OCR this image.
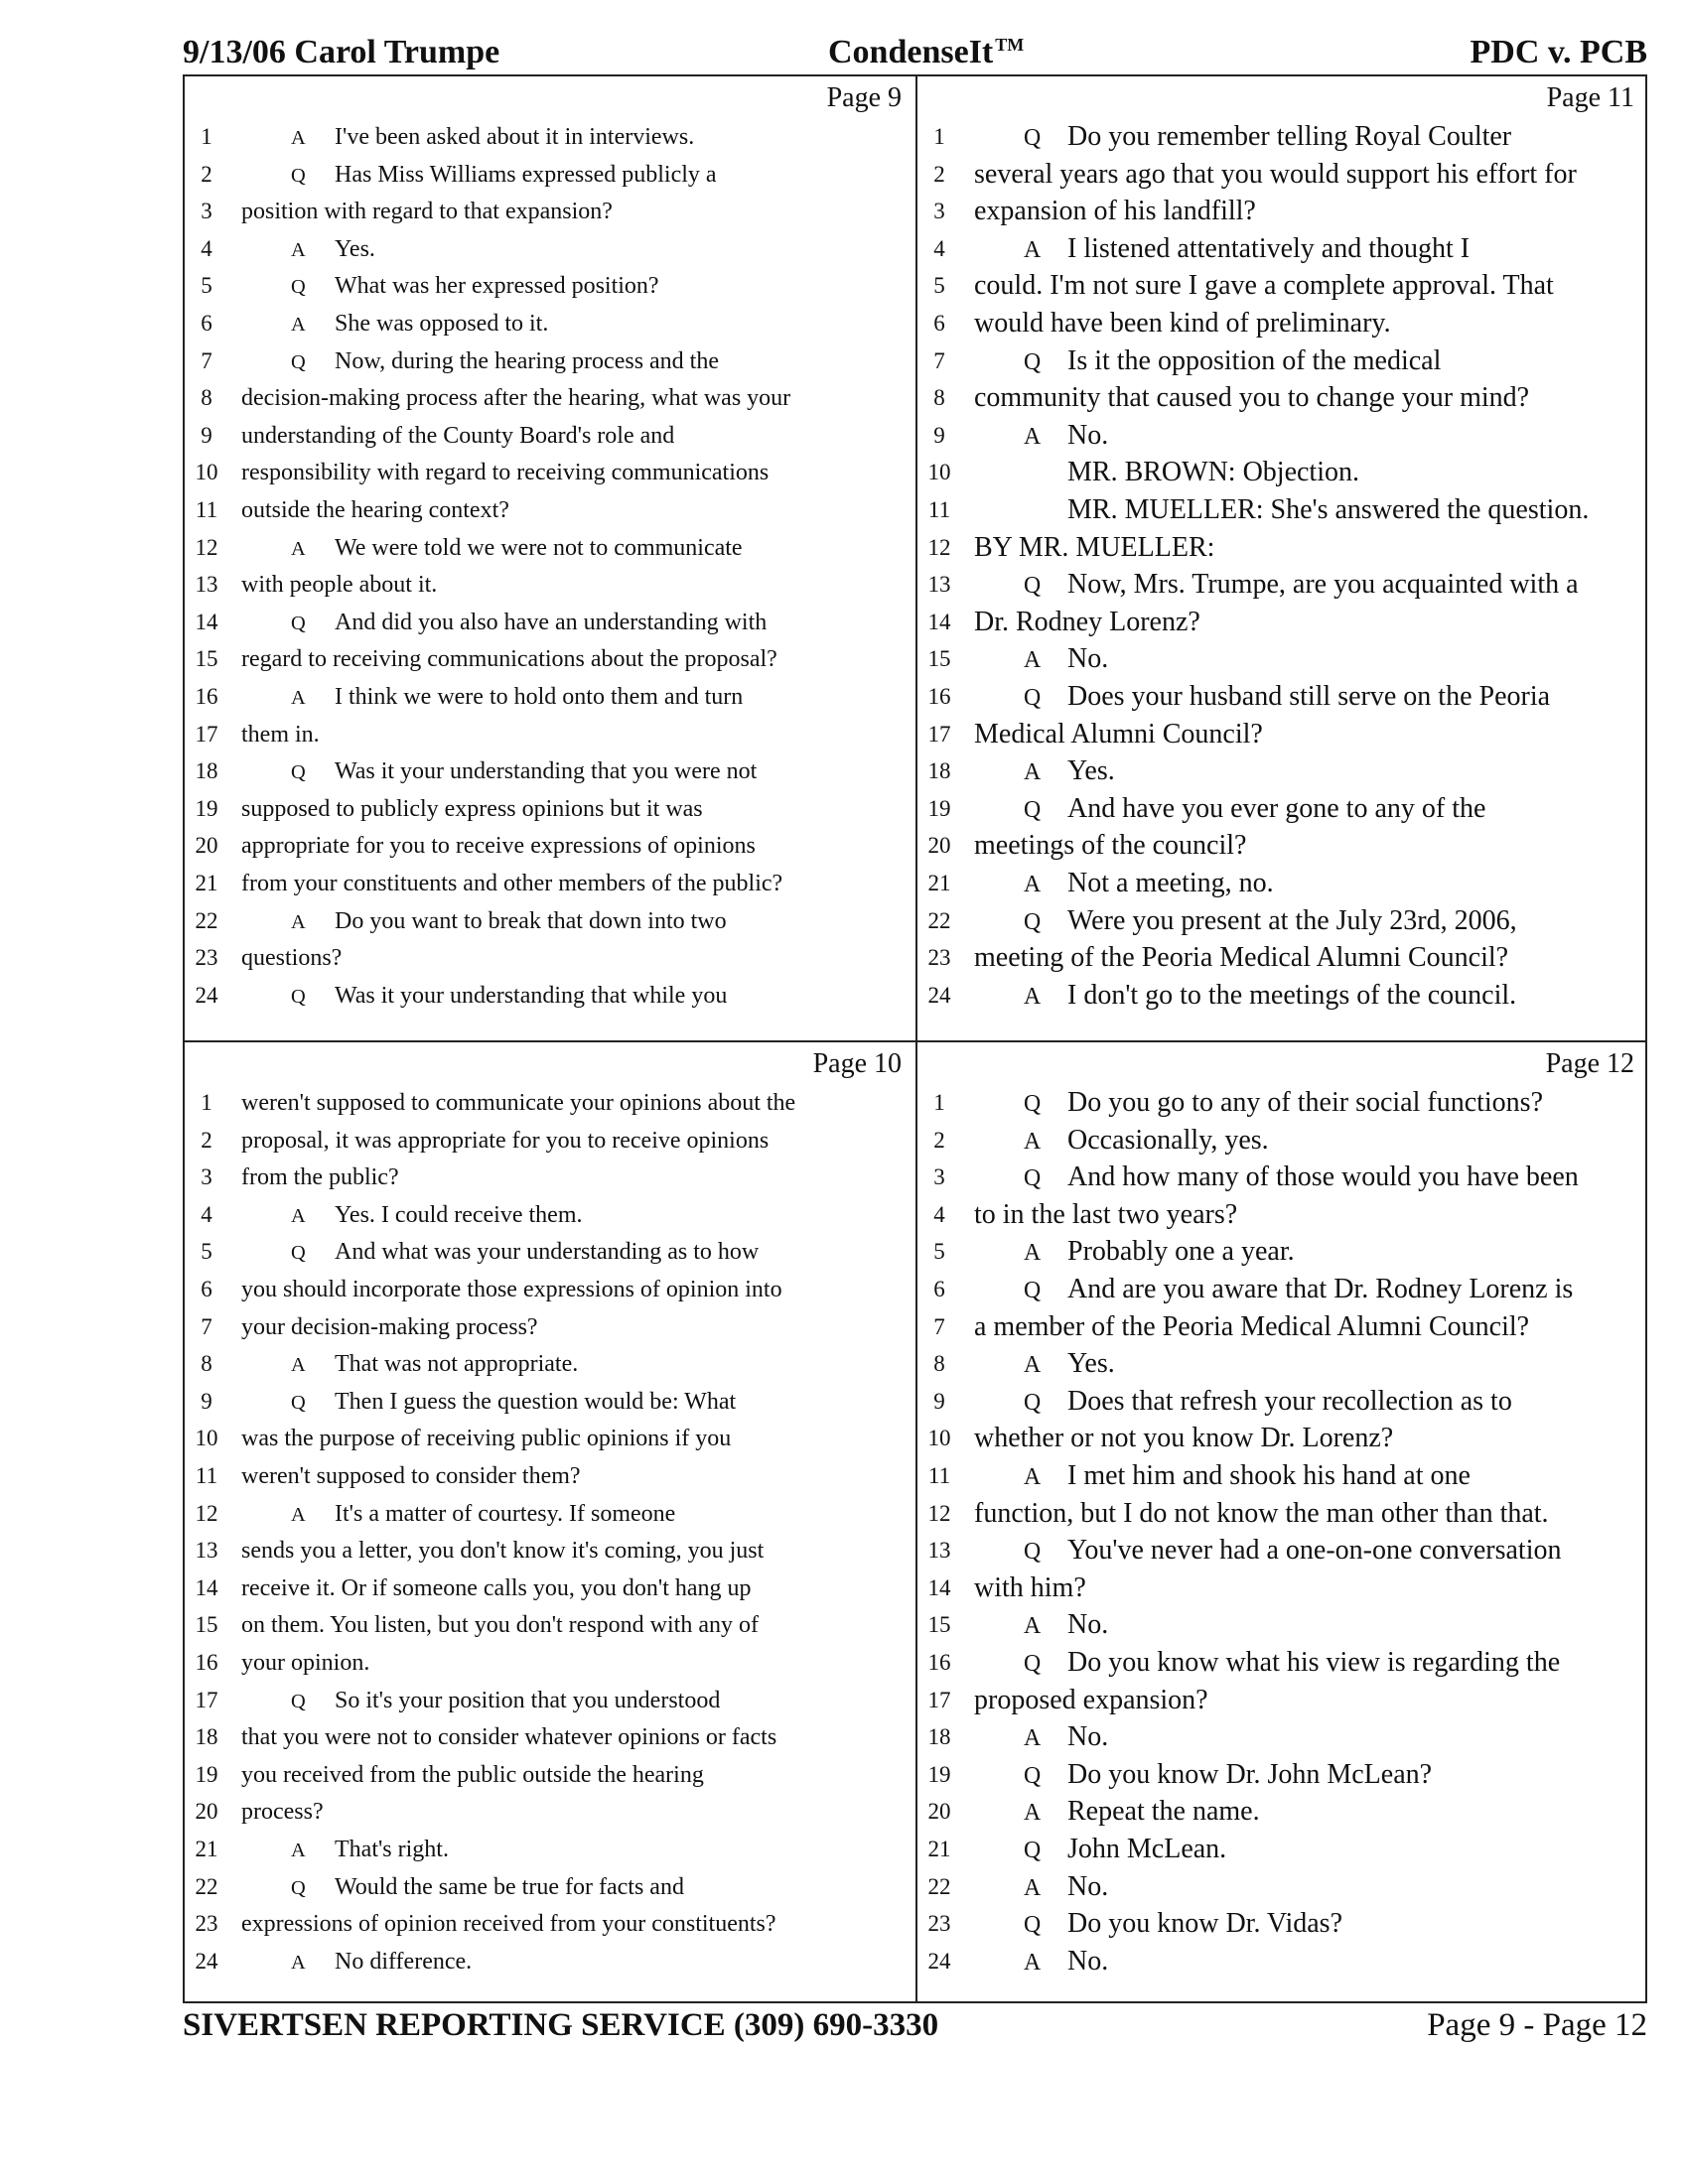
9/13/06 Carol Trumpe	CondenseIt ™	PDC v. PCB
Page 9
1	A I've been asked about it in interviews.
2	Q Has Miss Williams expressed publicly a
3	position with regard to that expansion?
4	A Yes.
5	Q What was her expressed position?
6	A She was opposed to it.
7	Q Now, during the hearing process and the
8	decision-making process after the hearing, what was your
9	understanding of the County Board's role and
10 responsibility with regard to receiving communications
11 outside the hearing context?
12	A We were told we were not to communicate
13 with people about it.
14	Q And did you also have an understanding with
15 regard to receiving communications about the proposal?
16	A I think we were to hold onto them and turn
17 them in.
18	Q Was it your understanding that you were not
19 supposed to publicly express opinions but it was
20 appropriate for you to receive expressions of opinions
21 from your constituents and other members of the public?
22	A Do you want to break that down into two
23 questions?
24	Q Was it your understanding that while you
Page 11
1	Q Do you remember telling Royal Coulter
2	several years ago that you would support his effort for
3	expansion of his landfill?
4	A I listened attentatively and thought I
5	could. I'm not sure I gave a complete approval. That
6	would have been kind of preliminary.
7	Q Is it the opposition of the medical
8	community that caused you to change your mind?
9	A No.
10	MR. BROWN: Objection.
11	MR. MUELLER: She's answered the question.
12 BY MR. MUELLER:
13	Q Now, Mrs. Trumpe, are you acquainted with a
14 Dr. Rodney Lorenz?
15	A No.
16	Q Does your husband still serve on the Peoria
17 Medical Alumni Council?
18	A Yes.
19	Q And have you ever gone to any of the
20 meetings of the council?
21	A Not a meeting, no.
22	Q Were you present at the July 23rd, 2006,
23 meeting of the Peoria Medical Alumni Council?
24	A I don't go to the meetings of the council.
Page 10
1	weren't supposed to communicate your opinions about the
2	proposal, it was appropriate for you to receive opinions
3	from the public?
4	A Yes. I could receive them.
5	Q And what was your understanding as to how
6	you should incorporate those expressions of opinion into
7	your decision-making process?
8	A That was not appropriate.
9	Q Then I guess the question would be: What
10 was the purpose of receiving public opinions if you
11 weren't supposed to consider them?
12	A It's a matter of courtesy. If someone
13 sends you a letter, you don't know it's coming, you just
14 receive it. Or if someone calls you, you don't hang up
15 on them. You listen, but you don't respond with any of
16 your opinion.
17	Q So it's your position that you understood
18 that you were not to consider whatever opinions or facts
19 you received from the public outside the hearing
20 process?
21	A That's right.
22	Q Would the same be true for facts and
23 expressions of opinion received from your constituents?
24	A No difference.
Page 12
1	Q Do you go to any of their social functions?
2	A Occasionally, yes.
3	Q And how many of those would you have been
4	to in the last two years?
5	A Probably one a year.
6	Q And are you aware that Dr. Rodney Lorenz is
7	a member of the Peoria Medical Alumni Council?
8	A Yes.
9	Q Does that refresh your recollection as to
10 whether or not you know Dr. Lorenz?
11	A I met him and shook his hand at one
12 function, but I do not know the man other than that.
13	Q You've never had a one-on-one conversation
14 with him?
15	A No.
16	Q Do you know what his view is regarding the
17 proposed expansion?
18	A No.
19	Q Do you know Dr. John McLean?
20	A Repeat the name.
21	Q John McLean.
22	A No.
23	Q Do you know Dr. Vidas?
24	A No.
SIVERTSEN REPORTING SERVICE (309) 690-3330	Page 9 - Page 12
